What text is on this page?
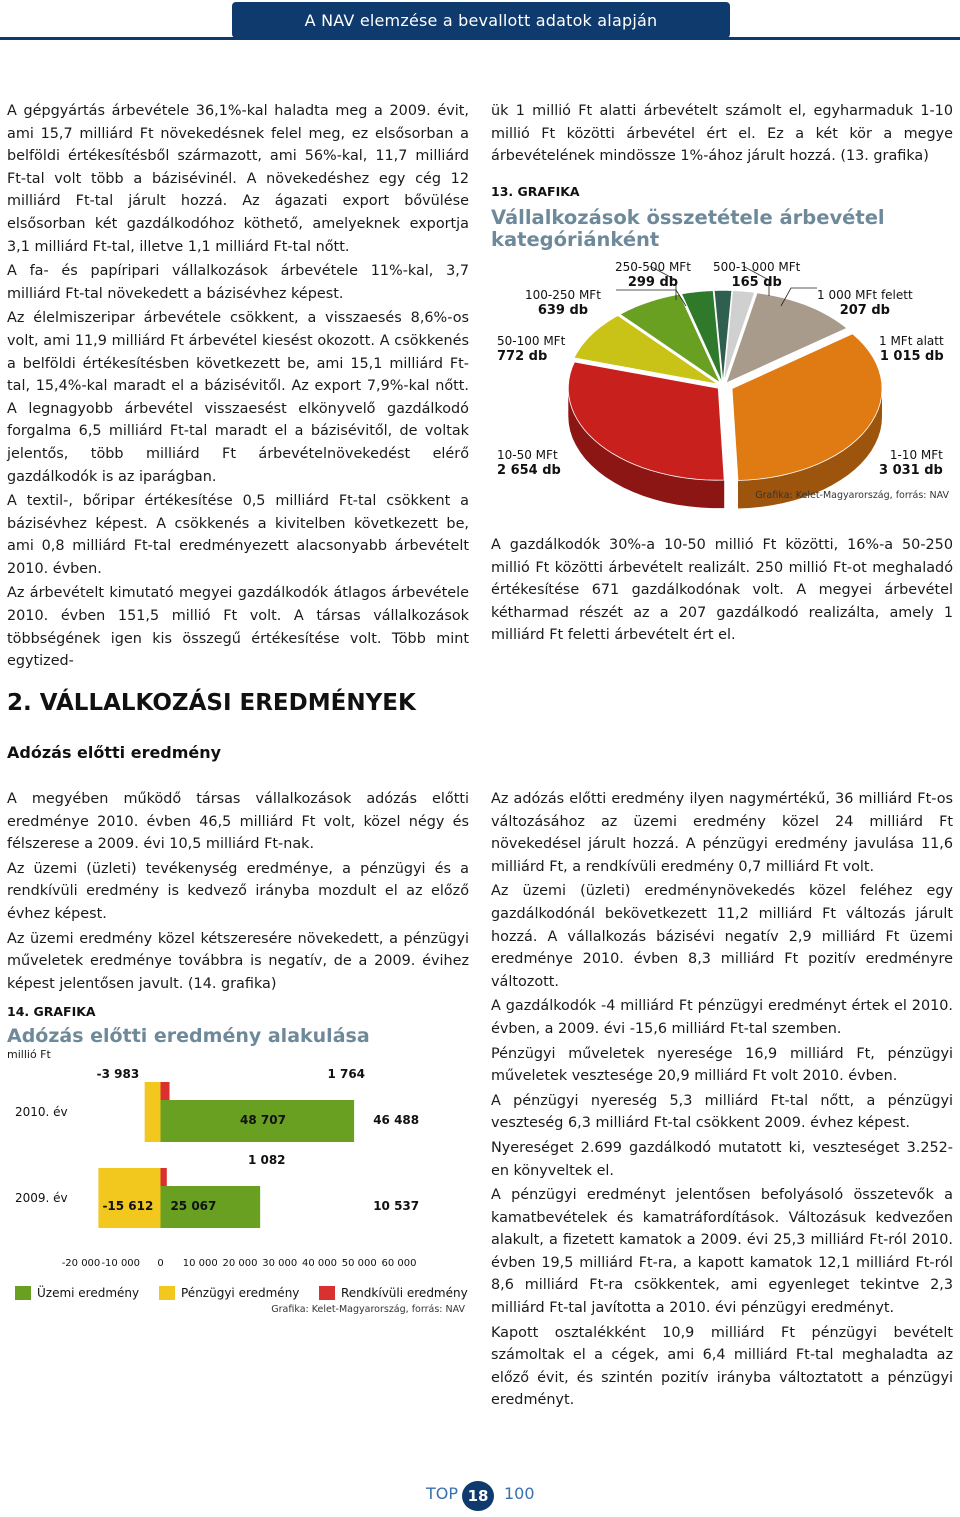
A NAV elemzése a bevallott adatok alapján

A gépgyártás árbevétele 36,1%-kal haladta meg a 2009. évit, ami 15,7 milliárd Ft növekedésnek felel meg, ez elsősorban a belföldi értékesítésből származott, ami 56%-kal, 11,7 milliárd Ft-tal volt több a bázisévinél. A növekedéshez egy cég 12 milliárd Ft-tal járult hozzá. Az ágazati export bővülése elsősorban két gazdálkodóhoz köthető, amelyeknek exportja 3,1 milliárd Ft-tal, illetve 1,1 milliárd Ft-tal nőtt.

A fa- és papíripari vállalkozások árbevétele 11%-kal, 3,7 milliárd Ft-tal növekedett a bázisévhez képest.

Az élelmiszeripar árbevétele csökkent, a visszaesés 8,6%-os volt, ami 11,9 milliárd Ft árbevétel kiesést okozott. A csökkenés a belföldi értékesítésben következett be, ami 15,1 milliárd Ft-tal, 15,4%-kal maradt el a bázisévitől. Az export 7,9%-kal nőtt. A legnagyobb árbevétel visszaesést elkönyvelő gazdálkodó forgalma 6,5 milliárd Ft-tal maradt el a bázisévitől, de voltak jelentős, több milliárd Ft árbevételnövekedést elérő gazdálkodók is az iparágban.

A textil-, bőripar értékesítése 0,5 milliárd Ft-tal csökkent a bázisévhez képest. A csökkenés a kivitelben következett be, ami 0,8 milliárd Ft-tal eredményezett alacsonyabb árbevételt 2010. évben.

Az árbevételt kimutató megyei gazdálkodók átlagos árbevétele 2010. évben 151,5 millió Ft volt. A társas vállalkozások többségének igen kis összegű értékesítése volt. Több mint egytized-

ük 1 millió Ft alatti árbevételt számolt el, egyharmaduk 1-10 millió Ft közötti árbevétel ért el. Ez a két kör a megye árbevételének mindössze 1%-ához járult hozzá. (13. grafika)

13. GRAFIKA
Vállalkozások összetétele árbevétel kategóriánként
250-500 MFt
299 db
500-1 000 MFt
165 db
100-250 MFt
639 db
1 000 MFt felett
207 db
50-100 MFt
772 db
1 MFt alatt
1 015 db
10-50 MFt
2 654 db
1-10 MFt
3 031 db
Grafika: Kelet-Magyarország, forrás: NAV

A gazdálkodók 30%-a 10-50 millió Ft közötti, 16%-a 50-250 millió Ft közötti árbevételt realizált. 250 millió Ft-ot meghaladó értékesítése 671 gazdálkodónak volt. A megyei árbevétel kétharmad részét az a 207 gazdálkodó realizálta, amely 1 milliárd Ft feletti árbevételt ért el.

2. VÁLLALKOZÁSI EREDMÉNYEK
Adózás előtti eredmény

A megyében működő társas vállalkozások adózás előtti eredménye 2010. évben 46,5 milliárd Ft volt, közel négy és félszerese a 2009. évi 10,5 milliárd Ft-nak.

Az üzemi (üzleti) tevékenység eredménye, a pénzügyi és a rendkívüli eredmény is kedvező irányba mozdult el az előző évhez képest.

Az üzemi eredmény közel kétszeresére növekedett, a pénzügyi műveletek eredménye továbbra is negatív, de a 2009. évihez képest jelentősen javult. (14. grafika)

14. GRAFIKA
Adózás előtti eredmény alakulása
millió Ft
2010. év
2009. év
-3 983	1 764
48 707	46 488
1 082
-15 612 25 067	10 537
-20 000 -10 000 0 10 000 20 000 30 000 40 000 50 000 60 000
Üzemi eredmény	Pénzügyi eredmény	Rendkívüli eredmény
Grafika: Kelet-Magyarország, forrás: NAV

Az adózás előtti eredmény ilyen nagymértékű, 36 milliárd Ft-os változásához az üzemi eredmény közel 24 milliárd Ft növekedésel járult hozzá. A pénzügyi eredmény javulása 11,6 milliárd Ft, a rendkívüli eredmény 0,7 milliárd Ft volt.

Az üzemi (üzleti) eredménynövekedés közel feléhez egy gazdálkodónál bekövetkezett 11,2 milliárd Ft változás járult hozzá. A vállalkozás bázisévi negatív 2,9 milliárd Ft üzemi eredménye 2010. évben 8,3 milliárd Ft pozitív eredményre változott.

A gazdálkodók -4 milliárd Ft pénzügyi eredményt értek el 2010. évben, a 2009. évi -15,6 milliárd Ft-tal szemben.

Pénzügyi műveletek nyeresége 16,9 milliárd Ft, pénzügyi műveletek vesztesége 20,9 milliárd Ft volt 2010. évben.

A pénzügyi nyereség 5,3 milliárd Ft-tal nőtt, a pénzügyi veszteség 6,3 milliárd Ft-tal csökkent 2009. évhez képest.

Nyereséget 2.699 gazdálkodó mutatott ki, veszteséget 3.252-en könyveltek el.

A pénzügyi eredményt jelentősen befolyásoló összetevők a kamatbevételek és kamatráfordítások. Változásuk kedvezően alakult, a fizetett kamatok a 2009. évi 25,3 milliárd Ft-ról 2010. évben 19,5 milliárd Ft-ra, a kapott kamatok 12,1 milliárd Ft-ról 8,6 milliárd Ft-ra csökkentek, ami egyenleget tekintve 2,3 milliárd Ft-tal javította a 2010. évi pénzügyi eredményt.

Kapott osztalékként 10,9 milliárd Ft pénzügyi bevételt számoltak el a cégek, ami 6,4 milliárd Ft-tal meghaladta az előző évit, és szintén pozitív irányba változtatott a pénzügyi eredményt.

TOP	100
18
